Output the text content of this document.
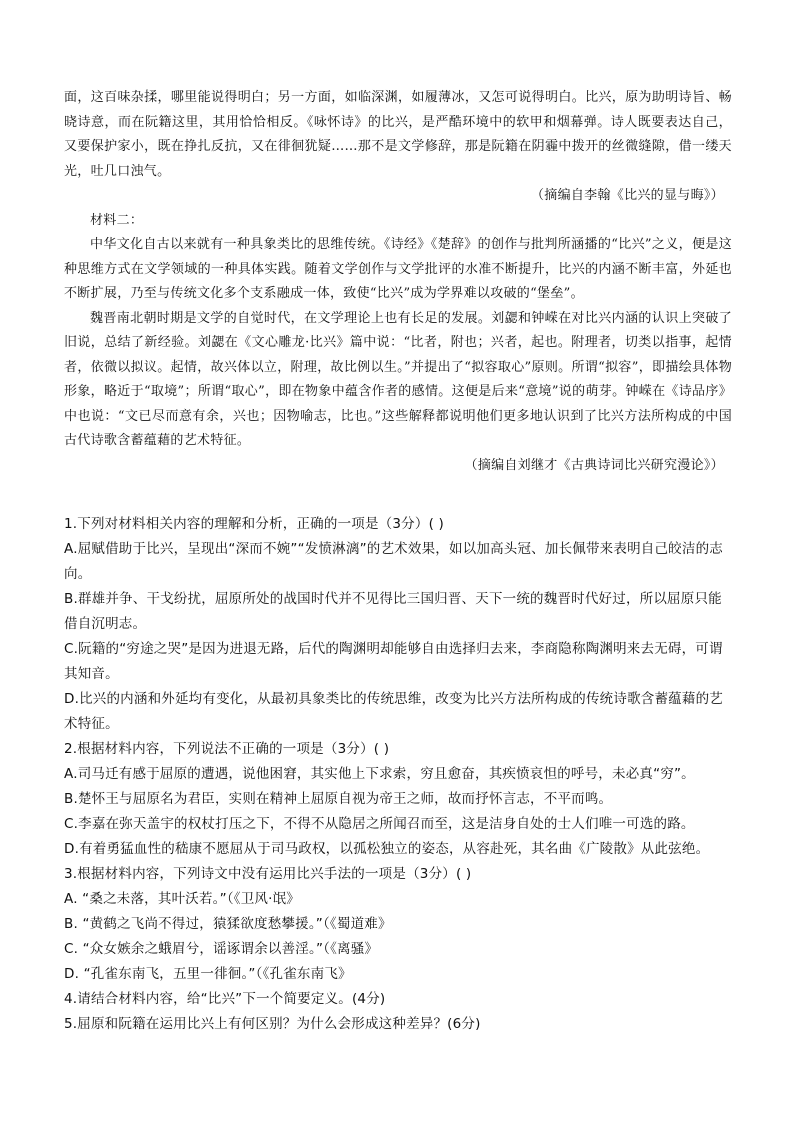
面，这百味杂揉，哪里能说得明白；另一方面，如临深渊，如履薄冰，又怎可说得明白。比兴，原为助明诗旨、畅晓诗意，而在阮籍这里，其用恰恰相反。《咏怀诗》的比兴，是严酷环境中的软甲和烟幕弹。诗人既要表达自己，又要保护家小，既在挣扎反抗，又在徘徊犹疑……那不是文学修辞，那是阮籍在阴霾中拨开的丝微缝隙，借一缕天光，吐几口浊气。

（摘编自李翰《比兴的显与晦》）

材料二：

中华文化自古以来就有一种具象类比的思维传统。《诗经》《楚辞》的创作与批判所涵播的“比兴”之义，便是这种思维方式在文学领域的一种具体实践。随着文学创作与文学批评的水准不断提升，比兴的内涵不断丰富，外延也不断扩展，乃至与传统文化多个支系融成一体，致使“比兴”成为学界难以攻破的“堡垒”。

魏晋南北朝时期是文学的自觉时代，在文学理论上也有长足的发展。刘勰和钟嵘在对比兴内涵的认识上突破了旧说，总结了新经验。刘勰在《文心雕龙·比兴》篇中说：“比者，附也；兴者，起也。附理者，切类以指事，起情者，依微以拟议。起情，故兴体以立，附理，故比例以生。”并提出了“拟容取心”原则。所谓“拟容”，即描绘具体物形象，略近于“取境”；所谓“取心”，即在物象中蕴含作者的感情。这便是后来“意境”说的萌芽。钟嵘在《诗品序》中也说：“文已尽而意有余，兴也；因物喻志，比也。”这些解释都说明他们更多地认识到了比兴方法所构成的中国古代诗歌含蓄蕴藉的艺术特征。

（摘编自刘继才《古典诗词比兴研究漫论》）

1.下列对材料相关内容的理解和分析，正确的一项是（3分）( )

A.屈赋借助于比兴，呈现出“深而不婉”“发愤淋漓”的艺术效果，如以加高头冠、加长佩带来表明自己皎洁的志向。

B.群雄并争、干戈纷扰，屈原所处的战国时代并不见得比三国归晋、天下一统的魏晋时代好过，所以屈原只能借自沉明志。

C.阮籍的“穷途之哭”是因为进退无路，后代的陶渊明却能够自由选择归去来，李商隐称陶渊明来去无碍，可谓其知音。

D.比兴的内涵和外延均有变化，从最初具象类比的传统思维，改变为比兴方法所构成的传统诗歌含蓄蕴藉的艺术特征。

2.根据材料内容，下列说法不正确的一项是（3分）( )

A.司马迁有感于屈原的遭遇，说他困窘，其实他上下求索，穷且愈奋，其疾愤哀怛的呼号，未必真“穷”。

B.楚怀王与屈原名为君臣，实则在精神上屈原自视为帝王之师，故而抒怀言志，不平而鸣。

C.李嘉在弥天盖宇的权杖打压之下，不得不从隐居之所闻召而至，这是洁身自处的士人们唯一可选的路。

D.有着勇猛血性的嵇康不愿屈从于司马政权，以孤松独立的姿态，从容赴死，其名曲《广陵散》从此弦绝。

3.根据材料内容，下列诗文中没有运用比兴手法的一项是（3分）( )

A. “桑之未落，其叶沃若。”（《卫风·氓》

B. “黄鹤之飞尚不得过，猿猱欲度愁攀援。”（《蜀道难》

C. “众女嫉余之蛾眉兮，谣诼谓余以善淫。”（《离骚》

D. “孔雀东南飞，五里一徘徊。”（《孔雀东南飞》

4.请结合材料内容，给“比兴”下一个简要定义。(4分)

5.屈原和阮籍在运用比兴上有何区别？为什么会形成这种差异？(6分)
